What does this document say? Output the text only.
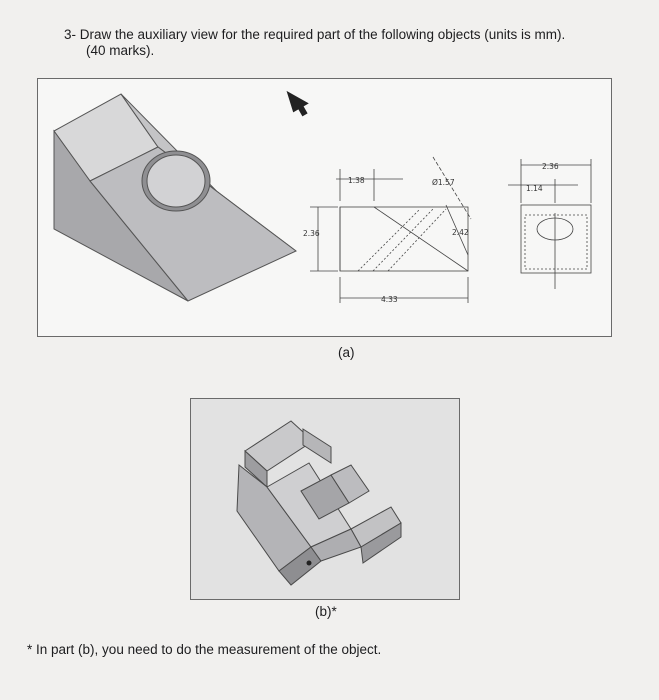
3- Draw the auxiliary view for the required part of the following objects (units is mm).
(40 marks).
1.38	Ø1.57
2.36	2.42
4.33
2.36
1.14
(a)
(b)*
* In part (b), you need to do the measurement of the object.
